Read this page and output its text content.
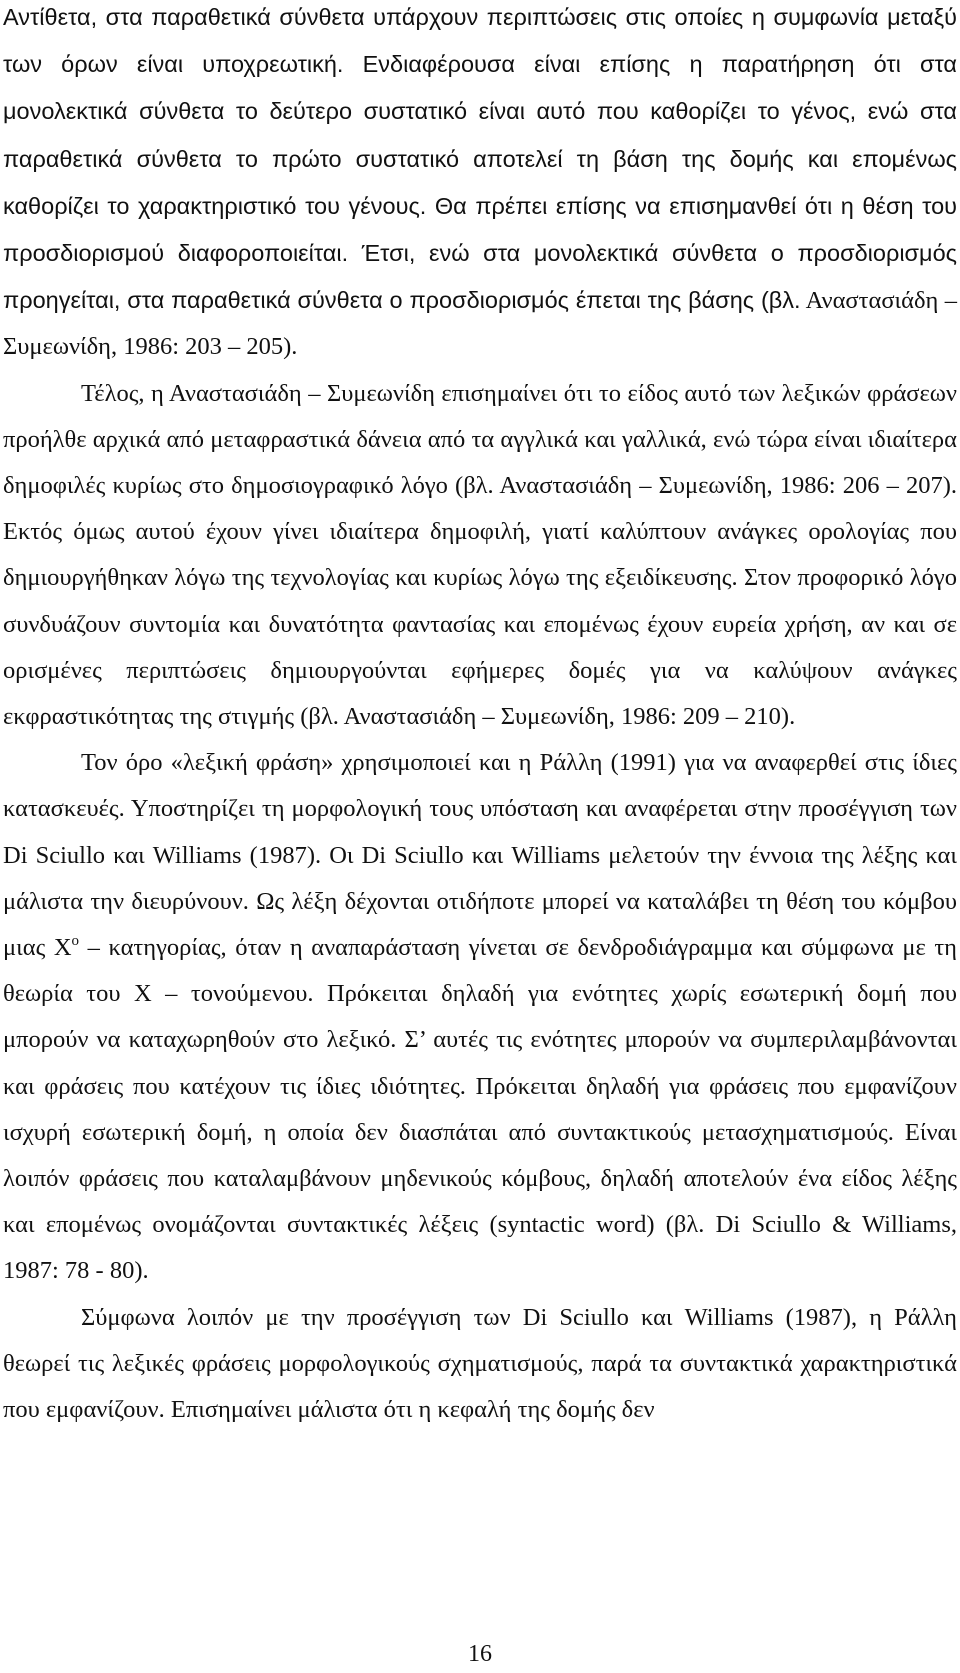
Αντίθετα, στα παραθετικά σύνθετα υπάρχουν περιπτώσεις στις οποίες η συμφωνία μεταξύ των όρων είναι υποχρεωτική. Ενδιαφέρουσα είναι επίσης η παρατήρηση ότι στα μονολεκτικά σύνθετα το δεύτερο συστατικό είναι αυτό που καθορίζει το γένος, ενώ στα παραθετικά σύνθετα το πρώτο συστατικό αποτελεί τη βάση της δομής και επομένως καθορίζει το χαρακτηριστικό του γένους. Θα πρέπει επίσης να επισημανθεί ότι η θέση του προσδιορισμού διαφοροποιείται. Έτσι, ενώ στα μονολεκτικά σύνθετα ο προσδιορισμός προηγείται, στα παραθετικά σύνθετα ο προσδιορισμός έπεται της βάσης (βλ. Αναστασιάδη – Συμεωνίδη, 1986: 203 – 205).

Τέλος, η Αναστασιάδη – Συμεωνίδη επισημαίνει ότι το είδος αυτό των λεξικών φράσεων προήλθε αρχικά από μεταφραστικά δάνεια από τα αγγλικά και γαλλικά, ενώ τώρα είναι ιδιαίτερα δημοφιλές κυρίως στο δημοσιογραφικό λόγο (βλ. Αναστασιάδη – Συμεωνίδη, 1986: 206 – 207). Εκτός όμως αυτού έχουν γίνει ιδιαίτερα δημοφιλή, γιατί καλύπτουν ανάγκες ορολογίας που δημιουργήθηκαν λόγω της τεχνολογίας και κυρίως λόγω της εξειδίκευσης. Στον προφορικό λόγο συνδυάζουν συντομία και δυνατότητα φαντασίας και επομένως έχουν ευρεία χρήση, αν και σε ορισμένες περιπτώσεις δημιουργούνται εφήμερες δομές για να καλύψουν ανάγκες εκφραστικότητας της στιγμής (βλ. Αναστασιάδη – Συμεωνίδη, 1986: 209 – 210).

Τον όρο «λεξική φράση» χρησιμοποιεί και η Ράλλη (1991) για να αναφερθεί στις ίδιες κατασκευές. Υποστηρίζει τη μορφολογική τους υπόσταση και αναφέρεται στην προσέγγιση των Di Sciullo και Williams (1987). Οι Di Sciullo και Williams μελετούν την έννοια της λέξης και μάλιστα την διευρύνουν. Ως λέξη δέχονται οτιδήποτε μπορεί να καταλάβει τη θέση του κόμβου μιας $X^o$ – κατηγορίας, όταν η αναπαράσταση γίνεται σε δενδροδιάγραμμα και σύμφωνα με τη θεωρία του X – τονούμενου. Πρόκειται δηλαδή για ενότητες χωρίς εσωτερική δομή που μπορούν να καταχωρηθούν στο λεξικό. Σ’ αυτές τις ενότητες μπορούν να συμπεριλαμβάνονται και φράσεις που κατέχουν τις ίδιες ιδιότητες. Πρόκειται δηλαδή για φράσεις που εμφανίζουν ισχυρή εσωτερική δομή, η οποία δεν διασπάται από συντακτικούς μετασχηματισμούς. Είναι λοιπόν φράσεις που καταλαμβάνουν μηδενικούς κόμβους, δηλαδή αποτελούν ένα είδος λέξης και επομένως ονομάζονται συντακτικές λέξεις (syntactic word) (βλ. Di Sciullo & Williams, 1987: 78 - 80).

Σύμφωνα λοιπόν με την προσέγγιση των Di Sciullo και Williams (1987), η Ράλλη θεωρεί τις λεξικές φράσεις μορφολογικούς σχηματισμούς, παρά τα συντακτικά χαρακτηριστικά που εμφανίζουν. Επισημαίνει μάλιστα ότι η κεφαλή της δομής δεν

16
